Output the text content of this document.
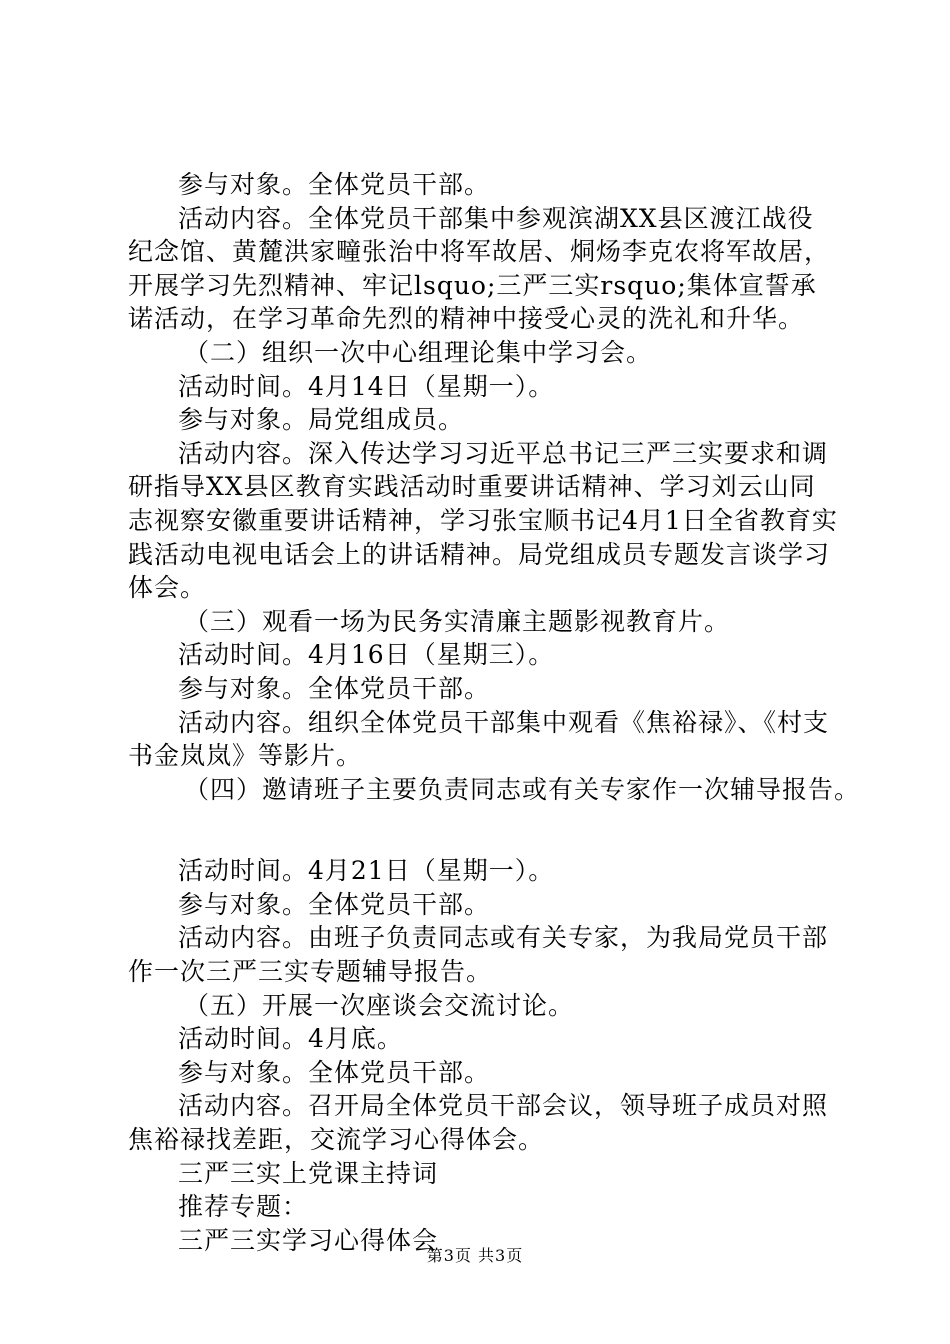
参与对象。全体党员干部。

活动内容。全体党员干部集中参观滨湖XX县区渡江战役纪念馆、黄麓洪家疃张治中将军故居、烔炀李克农将军故居，开展学习先烈精神、牢记lsquo;三严三实rsquo;集体宣誓承诺活动，在学习革命先烈的精神中接受心灵的洗礼和升华。

（二）组织一次中心组理论集中学习会。

活动时间。4月14日（星期一）。

参与对象。局党组成员。

活动内容。深入传达学习习近平总书记三严三实要求和调研指导XX县区教育实践活动时重要讲话精神、学习刘云山同志视察安徽重要讲话精神，学习张宝顺书记4月1日全省教育实践活动电视电话会上的讲话精神。局党组成员专题发言谈学习体会。

（三）观看一场为民务实清廉主题影视教育片。

活动时间。4月16日（星期三）。

参与对象。全体党员干部。

活动内容。组织全体党员干部集中观看《焦裕禄》、《村支书金岚岚》等影片。

（四）邀请班子主要负责同志或有关专家作一次辅导报告。

活动时间。4月21日（星期一）。

参与对象。全体党员干部。

活动内容。由班子负责同志或有关专家，为我局党员干部作一次三严三实专题辅导报告。

（五）开展一次座谈会交流讨论。

活动时间。4月底。

参与对象。全体党员干部。

活动内容。召开局全体党员干部会议，领导班子成员对照焦裕禄找差距，交流学习心得体会。

三严三实上党课主持词

推荐专题：

三严三实学习心得体会

第3页 共3页
